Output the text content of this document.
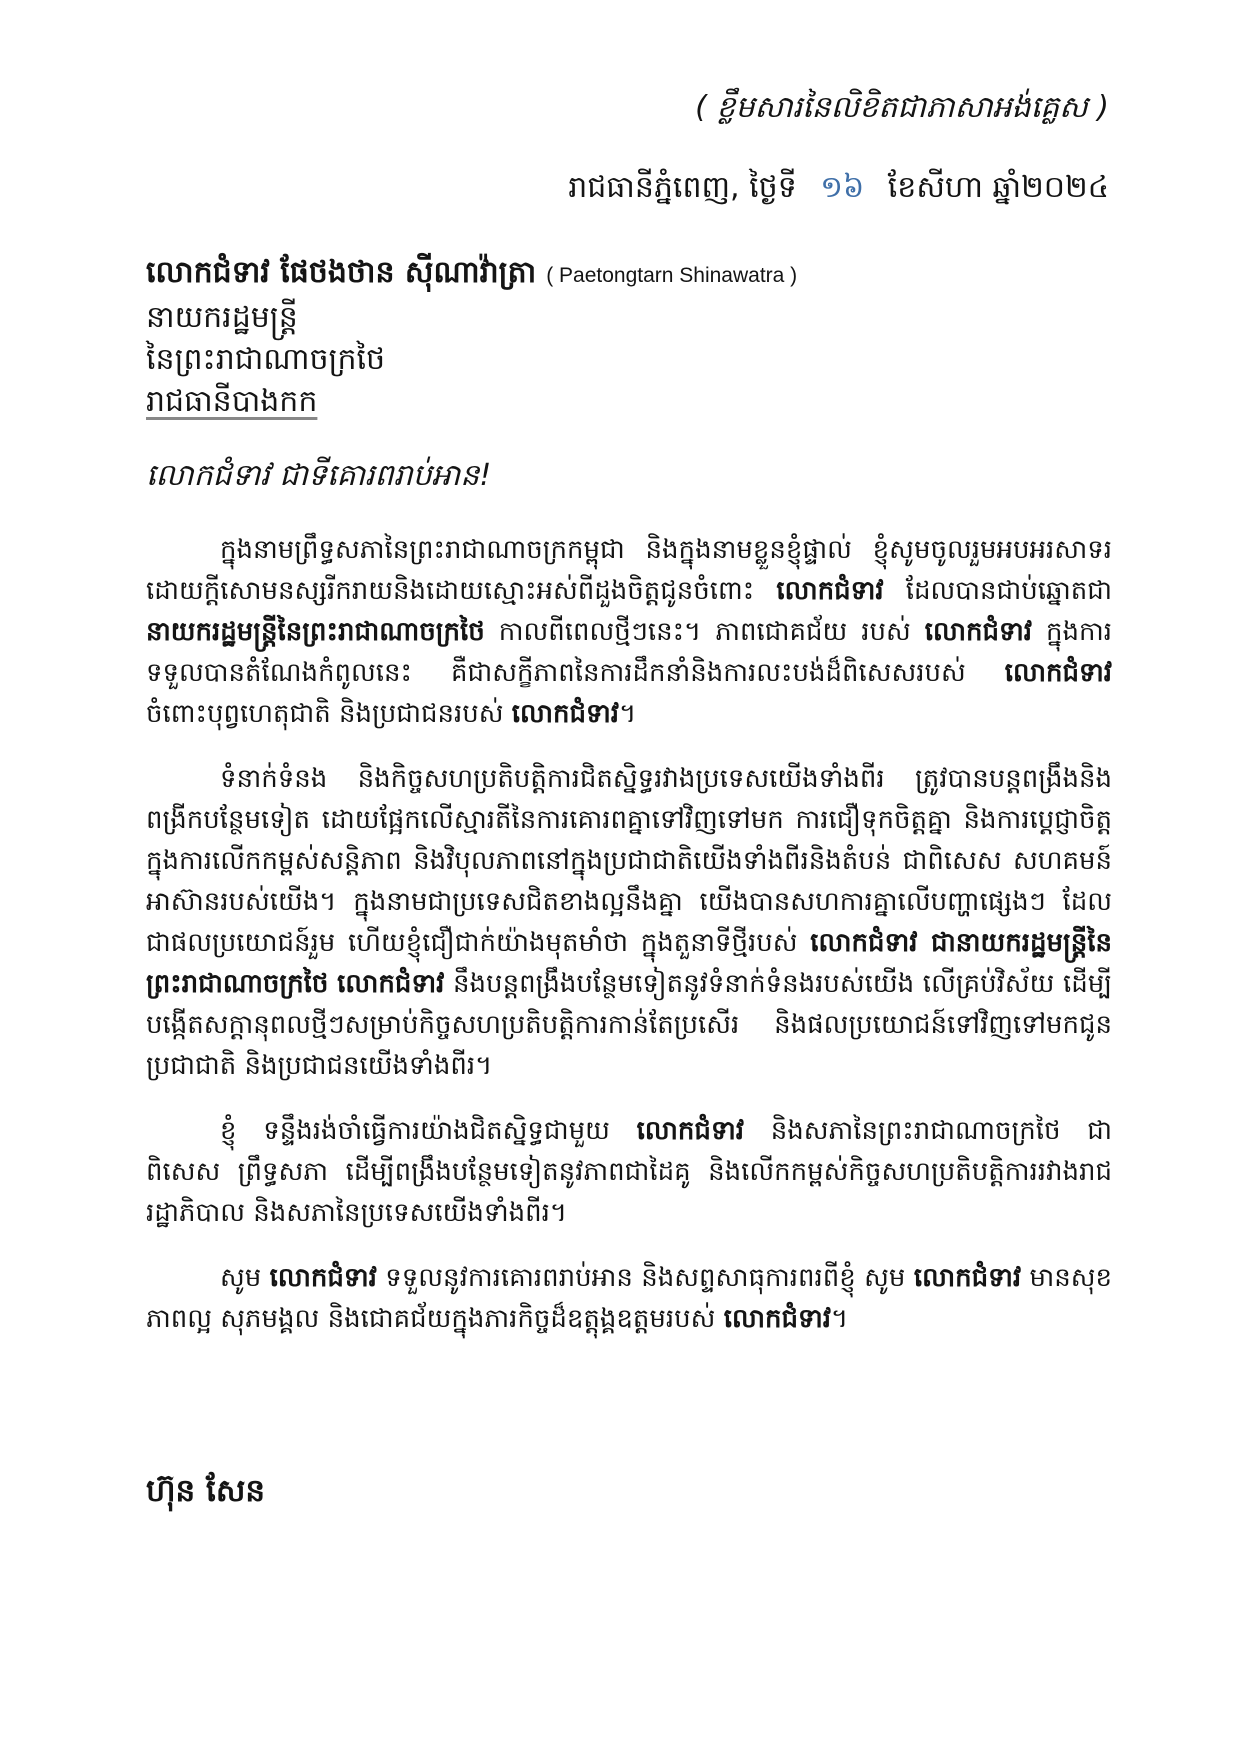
( ខ្លឹមសារនៃលិខិតជាភាសាអង់គ្លេស )
រាជធានីភ្នំពេញ, ថ្ងៃទី ១៦ ខែសីហា ឆ្នាំ២០២៤
លោកជំទាវ ផែថងថាន ស៊ីណាវ៉ាត្រា ( Paetongtarn Shinawatra )
នាយករដ្ឋមន្ត្រី
នៃព្រះរាជាណាចក្រថៃ
រាជធានីបាងកក
លោកជំទាវ ជាទីគោរពរាប់អាន!

ក្នុងនាមព្រឹទ្ធសភានៃព្រះរាជាណាចក្រកម្ពុជា និងក្នុងនាមខ្លួនខ្ញុំផ្ទាល់ ខ្ញុំសូមចូលរួមអបអរសាទរ ដោយក្ដីសោមនស្សរីករាយនិងដោយស្មោះអស់ពីដួងចិត្តជូនចំពោះ លោកជំទាវ ដែលបានជាប់ឆ្នោតជា នាយករដ្ឋមន្ត្រីនៃព្រះរាជាណាចក្រថៃ កាលពីពេលថ្មីៗនេះ។ ភាពជោគជ័យ របស់ លោកជំទាវ ក្នុងការទទួលបានតំណែងកំពូលនេះ គឺជាសក្ខីភាពនៃការដឹកនាំនិងការលះបង់ដ៏ពិសេសរបស់ លោកជំទាវ ចំពោះបុព្វហេតុជាតិ និងប្រជាជនរបស់ លោកជំទាវ។

ទំនាក់ទំនង និងកិច្ចសហប្រតិបត្តិការជិតស្និទ្ធរវាងប្រទេសយើងទាំងពីរ ត្រូវបានបន្ដពង្រឹងនិងពង្រីកបន្ថែមទៀត ដោយផ្អែកលើស្មារតីនៃការគោរពគ្នាទៅវិញទៅមក ការជឿទុកចិត្តគ្នា និងការប្ដេជ្ញាចិត្តក្នុងការលើកកម្ពស់សន្តិភាព និងវិបុលភាពនៅក្នុងប្រជាជាតិយើងទាំងពីរនិងតំបន់ ជាពិសេស សហគមន៍អាស៊ានរបស់យើង។ ក្នុងនាមជាប្រទេសជិតខាងល្អនឹងគ្នា យើងបានសហការគ្នាលើបញ្ហាផ្សេងៗ ដែលជាផលប្រយោជន៍រួម ហើយខ្ញុំជឿជាក់យ៉ាងមុតមាំថា ក្នុងតួនាទីថ្មីរបស់ លោកជំទាវ ជានាយករដ្ឋមន្ត្រីនៃព្រះរាជាណាចក្រថៃ លោកជំទាវ នឹងបន្តពង្រឹងបន្ថែមទៀតនូវទំនាក់ទំនងរបស់យើង លើគ្រប់វិស័យ ដើម្បីបង្កើតសក្តានុពលថ្មីៗសម្រាប់កិច្ចសហប្រតិបត្តិការកាន់តែប្រសើរ និងផលប្រយោជន៍ទៅវិញទៅមកជូនប្រជាជាតិ និងប្រជាជនយើងទាំងពីរ។

ខ្ញុំ ទន្ទឹងរង់ចាំធ្វើការយ៉ាងជិតស្និទ្ធជាមួយ លោកជំទាវ និងសភានៃព្រះរាជាណាចក្រថៃ ជាពិសេស ព្រឹទ្ធសភា ដើម្បីពង្រឹងបន្ថែមទៀតនូវភាពជាដៃគូ និងលើកកម្ពស់កិច្ចសហប្រតិបត្តិការរវាងរាជរដ្ឋាភិបាល និងសភានៃប្រទេសយើងទាំងពីរ។

សូម លោកជំទាវ ទទួលនូវការគោរពរាប់អាន និងសព្ទសាធុការពរពីខ្ញុំ សូម លោកជំទាវ មានសុខភាពល្អ សុភមង្គល និងជោគជ័យក្នុងភារកិច្ចដ៏ឧត្តុង្គឧត្តមរបស់ លោកជំទាវ។

ហ៊ុន សែន
